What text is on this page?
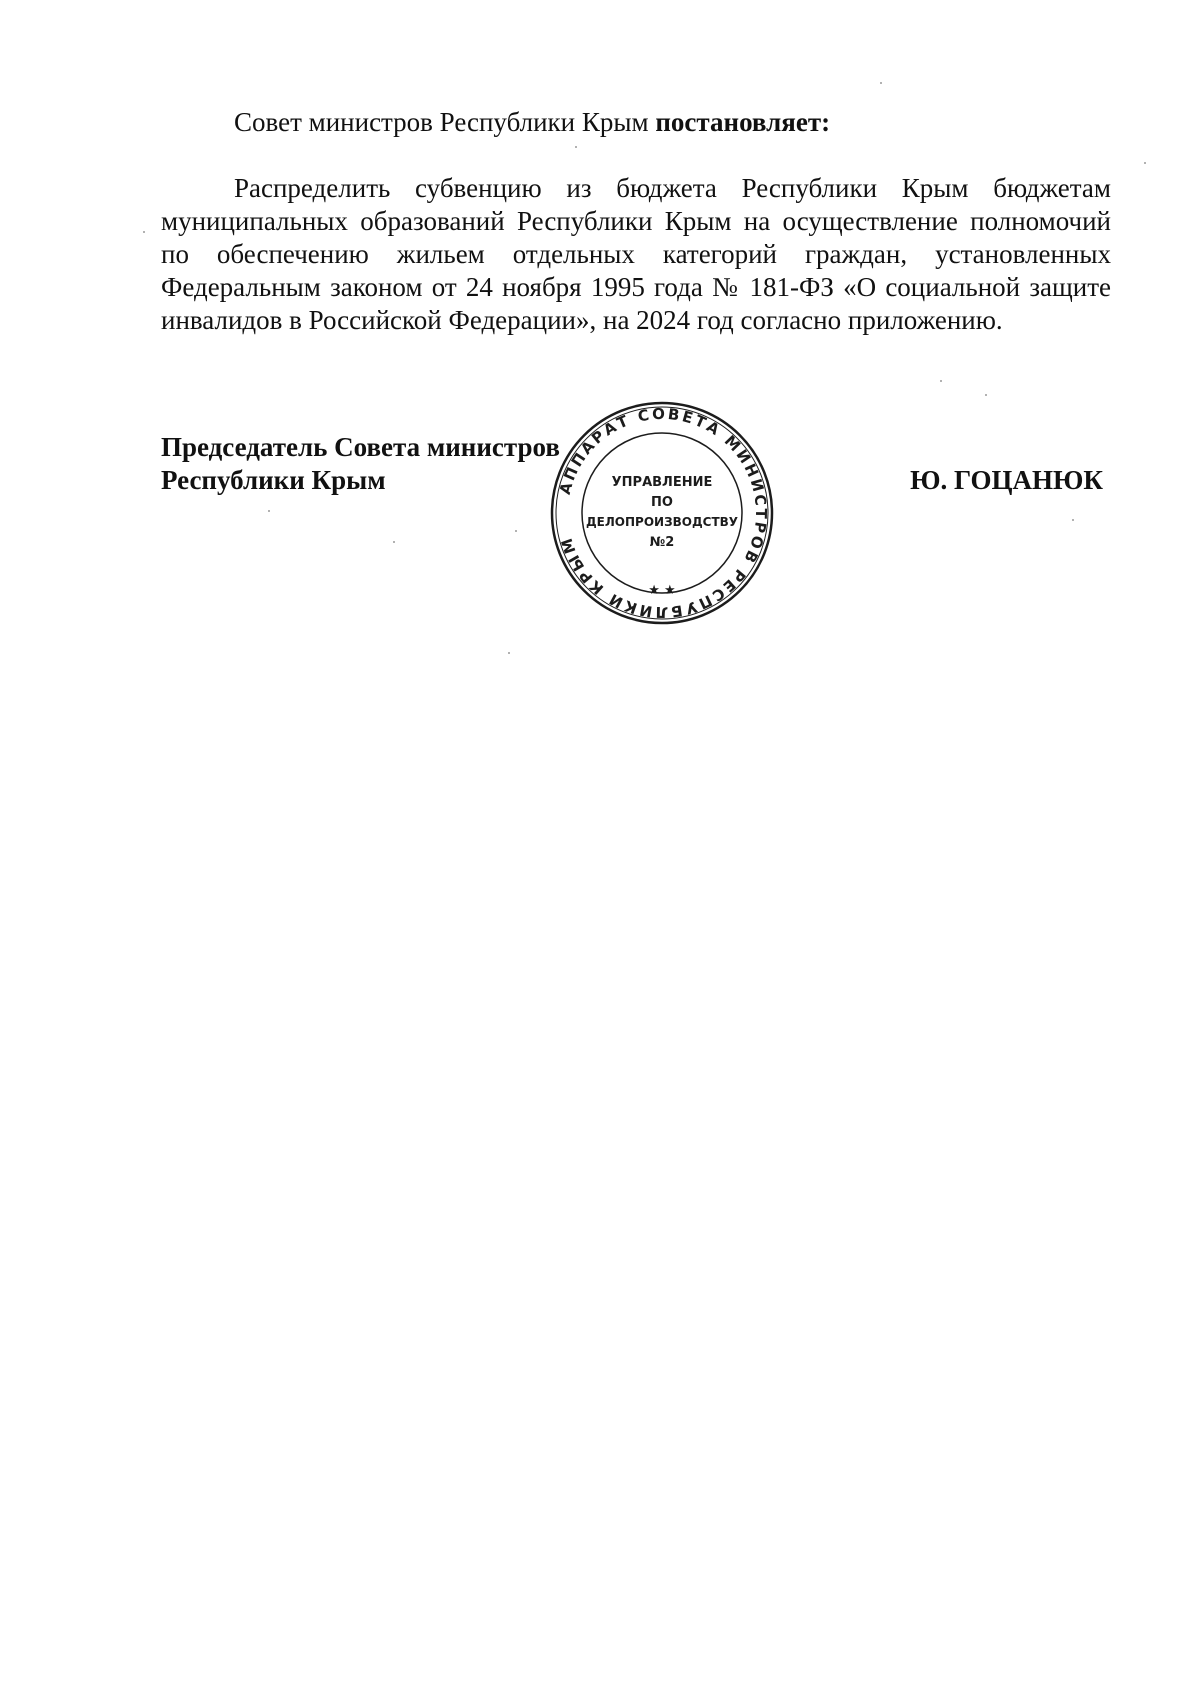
Совет министров Республики Крым постановляет:

Распределить субвенцию из бюджета Республики Крым бюджетам муниципальных образований Республики Крым на осуществление полномочий по обеспечению жильем отдельных категорий граждан, установленных Федеральным законом от 24 ноября 1995 года № 181-ФЗ «О социальной защите инвалидов в Российской Федерации», на 2024 год согласно приложению.

Председатель Совета министров
Республики Крым	Ю. ГОЦАНЮК
АППАРАТ СОВЕТА МИНИСТРОВ РЕСПУБЛИКИ КРЫМ
★ ★
УПРАВЛЕНИЕ
ПО
ДЕЛОПРОИЗВОДСТВУ
№2
